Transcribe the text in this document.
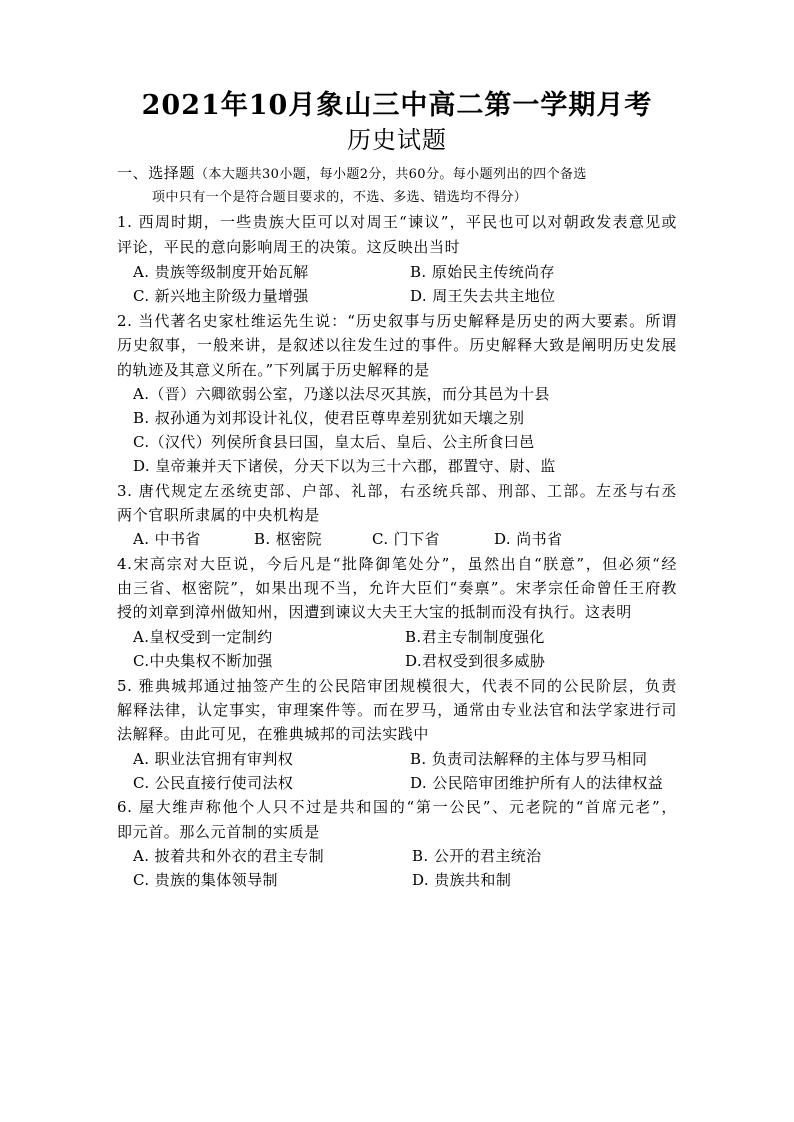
2021年10月象山三中高二第一学期月考
历史试题
一、选择题（本大题共30小题，每小题2分，共60分。每小题列出的四个备选
项中只有一个是符合题目要求的，不选、多选、错选均不得分）
1. 西周时期，一些贵族大臣可以对周王“谏议”，平民也可以对朝政发表意见或
评论，平民的意向影响周王的决策。这反映出当时
A. 贵族等级制度开始瓦解	B. 原始民主传统尚存
C. 新兴地主阶级力量增强	D. 周王失去共主地位
2. 当代著名史家杜维运先生说：“历史叙事与历史解释是历史的两大要素。所谓
历史叙事，一般来讲，是叙述以往发生过的事件。历史解释大致是阐明历史发展
的轨迹及其意义所在。”下列属于历史解释的是
A.（晋）六卿欲弱公室，乃遂以法尽灭其族，而分其邑为十县
B. 叔孙通为刘邦设计礼仪，使君臣尊卑差别犹如天壤之别
C.（汉代）列侯所食县曰国，皇太后、皇后、公主所食曰邑
D. 皇帝兼并天下诸侯，分天下以为三十六郡，郡置守、尉、监
3. 唐代规定左丞统吏部、户部、礼部，右丞统兵部、刑部、工部。左丞与右丞
两个官职所隶属的中央机构是
A. 中书省	B. 枢密院	C. 门下省	D. 尚书省
4.宋高宗对大臣说，今后凡是“批降御笔处分”，虽然出自“朕意”，但必须“经
由三省、枢密院”，如果出现不当，允许大臣们“奏禀”。宋孝宗任命曾任王府教
授的刘章到漳州做知州，因遭到谏议大夫王大宝的抵制而没有执行。这表明
A.皇权受到一定制约	B.君主专制制度强化
C.中央集权不断加强	D.君权受到很多威胁
5. 雅典城邦通过抽签产生的公民陪审团规模很大，代表不同的公民阶层，负责
解释法律，认定事实，审理案件等。而在罗马，通常由专业法官和法学家进行司
法解释。由此可见，在雅典城邦的司法实践中
A. 职业法官拥有审判权	B. 负责司法解释的主体与罗马相同
C. 公民直接行使司法权	D. 公民陪审团维护所有人的法律权益
6. 屋大维声称他个人只不过是共和国的“第一公民”、元老院的“首席元老”，
即元首。那么元首制的实质是
A. 披着共和外衣的君主专制	B. 公开的君主统治
C. 贵族的集体领导制	D. 贵族共和制
